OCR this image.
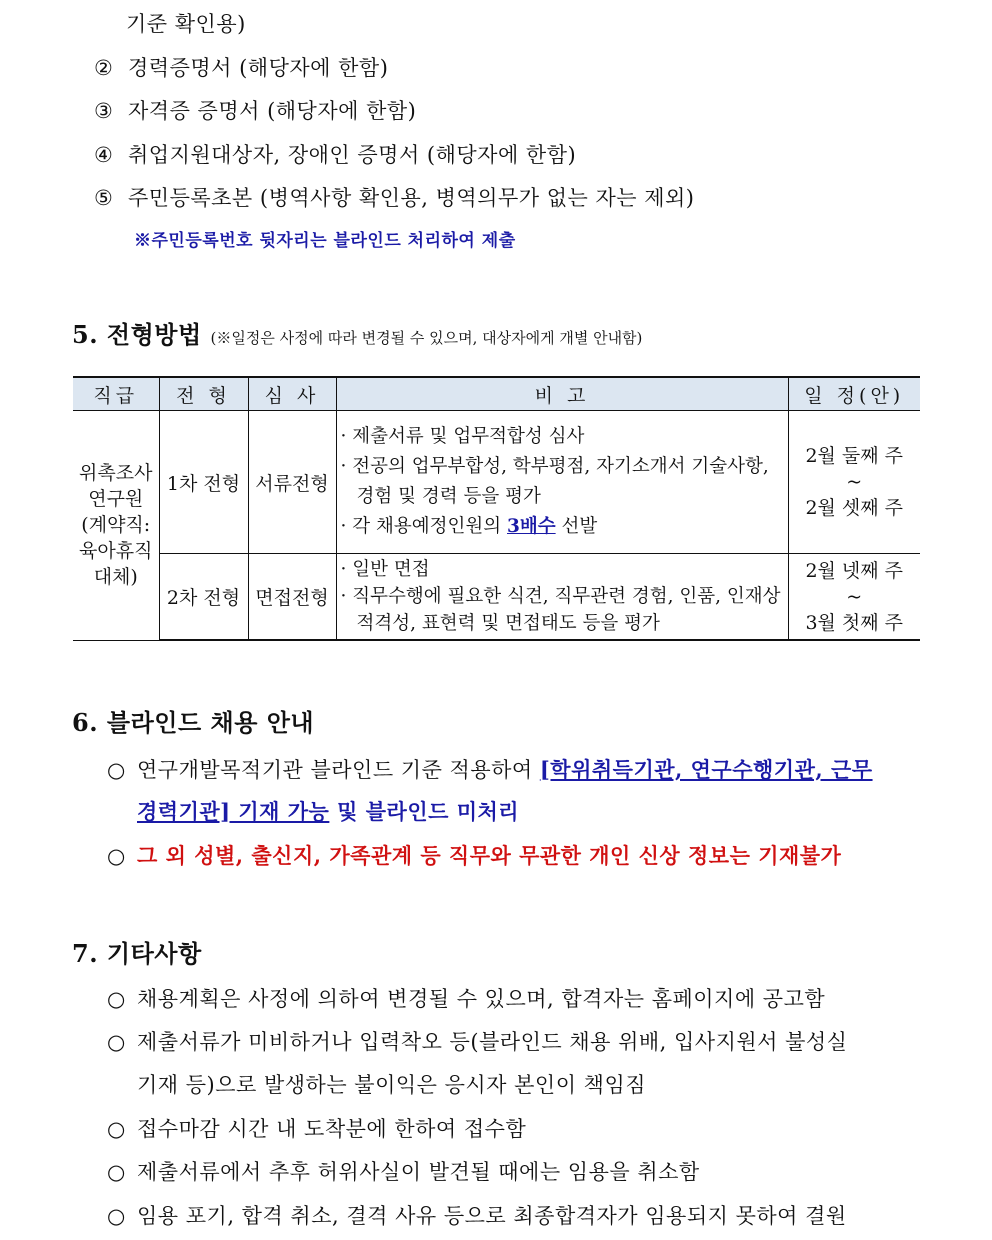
기준 확인용)
② 경력증명서 (해당자에 한함)
③ 자격증 증명서 (해당자에 한함)
④ 취업지원대상자, 장애인 증명서 (해당자에 한함)
⑤ 주민등록초본 (병역사항 확인용, 병역의무가 없는 자는 제외)
※주민등록번호 뒷자리는 블라인드 처리하여 제출
5. 전형방법 (※일정은 사정에 따라 변경될 수 있으며, 대상자에게 개별 안내함)
직급	전 형	심 사	비 고	일 정(안)

위촉조사
연구원
(계약직:
육아휴직
대체)	1차 전형	서류전형	· 제출서류 및 업무적합성 심사
· 전공의 업무부합성, 학부평점, 자기소개서 기술사항,
경험 및 경력 등을 평가
· 각 채용예정인원의 3배수 선발	2월 둘째 주
~
2월 셋째 주

	2차 전형	면접전형	· 일반 면접
· 직무수행에 필요한 식견, 직무관련 경험, 인품, 인재상
적격성, 표현력 및 면접태도 등을 평가	2월 넷째 주
~
3월 첫째 주
6. 블라인드 채용 안내
○ 연구개발목적기관 블라인드 기준 적용하여 [학위취득기관, 연구수행기관, 근무
경력기관] 기재 가능 및 블라인드 미처리
○ 그 외 성별, 출신지, 가족관계 등 직무와 무관한 개인 신상 정보는 기재불가
7. 기타사항
○ 채용계획은 사정에 의하여 변경될 수 있으며, 합격자는 홈페이지에 공고함
○ 제출서류가 미비하거나 입력착오 등(블라인드 채용 위배, 입사지원서 불성실
기재 등)으로 발생하는 불이익은 응시자 본인이 책임짐
○ 접수마감 시간 내 도착분에 한하여 접수함
○ 제출서류에서 추후 허위사실이 발견될 때에는 임용을 취소함
○ 임용 포기, 합격 취소, 결격 사유 등으로 최종합격자가 임용되지 못하여 결원
